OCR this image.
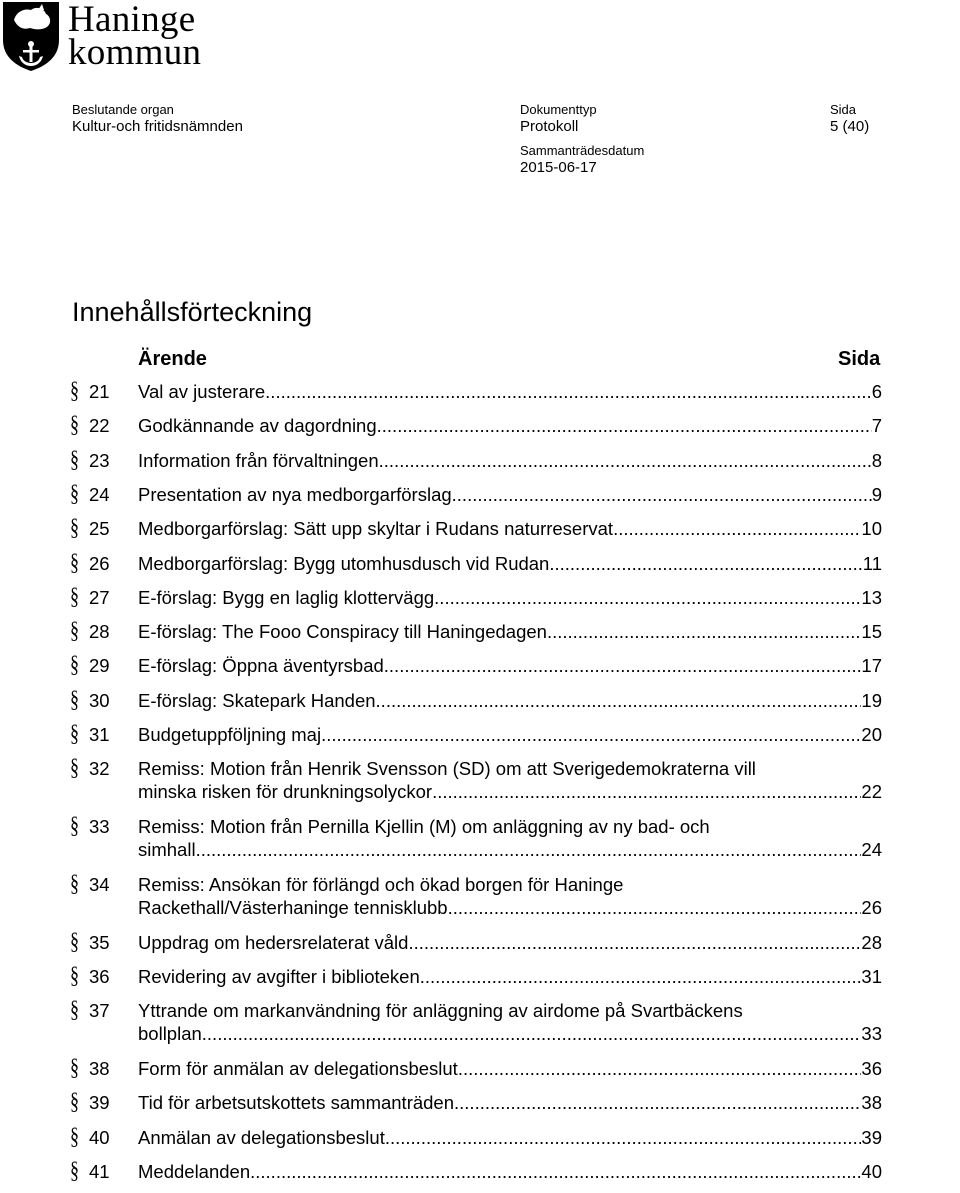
Haninge
kommun
Beslutande organ
Kultur-och fritidsnämnden
Dokumenttyp
Protokoll
Sida
5 (40)
Sammanträdesdatum
2015-06-17
Innehållsförteckning
Ärende	Sida
§ 21 Val av justerare .....	6
§ 22 Godkännande av dagordning .....	7
§ 23 Information från förvaltningen .....	8
§ 24 Presentation av nya medborgarförslag .....	9
§ 25 Medborgarförslag: Sätt upp skyltar i Rudans naturreservat .....	10
§ 26 Medborgarförslag: Bygg utomhusdusch vid Rudan .....	11
§ 27 E-förslag: Bygg en laglig klottervägg .....	13
§ 28 E-förslag: The Fooo Conspiracy till Haningedagen .....	15
§ 29 E-förslag: Öppna äventyrsbad .....	17
§ 30 E-förslag: Skatepark Handen .....	19
§ 31 Budgetuppföljning maj .....	20
§ 32 Remiss: Motion från Henrik Svensson (SD) om att Sverigedemokraterna vill
minska risken för drunkningsolyckor .....	22
§ 33 Remiss: Motion från Pernilla Kjellin (M) om anläggning av ny bad- och
simhall .....	24
§ 34 Remiss: Ansökan för förlängd och ökad borgen för Haninge
Rackethall/Västerhaninge tennisklubb .....	26
§ 35 Uppdrag om hedersrelaterat våld .....	28
§ 36 Revidering av avgifter i biblioteken .....	31
§ 37 Yttrande om markanvändning för anläggning av airdome på Svartbäckens
bollplan .....	33
§ 38 Form för anmälan av delegationsbeslut .....	36
§ 39 Tid för arbetsutskottets sammanträden .....	38
§ 40 Anmälan av delegationsbeslut .....	39
§ 41 Meddelanden .....	40
